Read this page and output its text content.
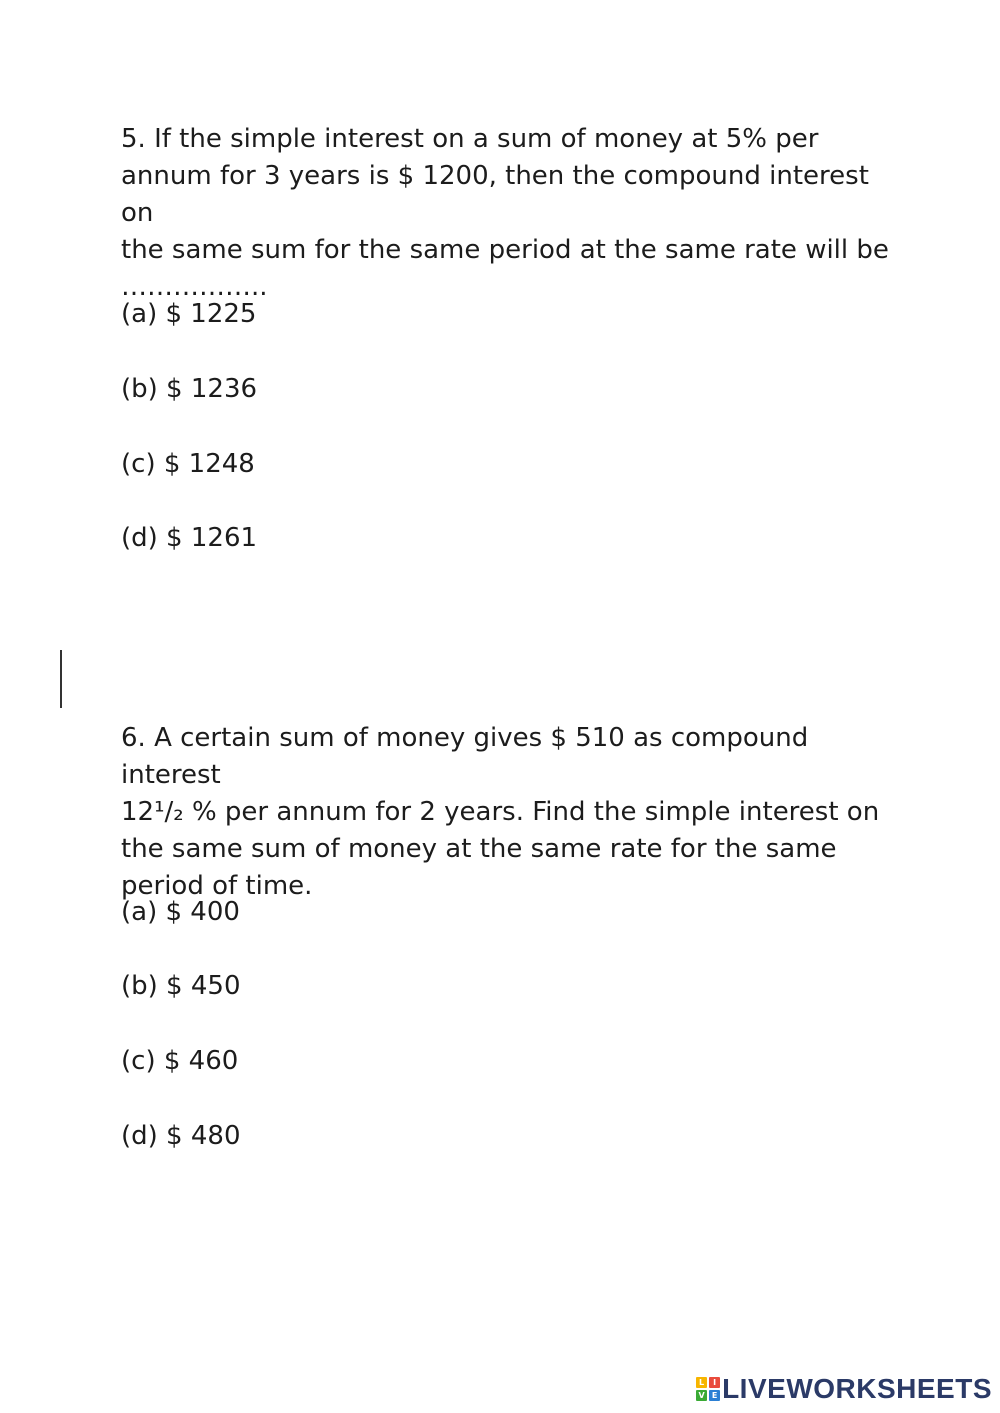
5. If the simple interest on a sum of money at 5% per
annum for 3 years is $ 1200, then the compound interest on
the same sum for the same period at the same rate will be
……………..

(a) $ 1225
(b) $ 1236
(c) $ 1248
(d) $ 1261

6. A certain sum of money gives $ 510 as compound interest
12¹/₂ % per annum for 2 years. Find the simple interest on
the same sum of money at the same rate for the same
period of time.

(a) $ 400
(b) $ 450
(c) $ 460
(d) $ 480
L	I
V E LIVEWORKSHEETS
